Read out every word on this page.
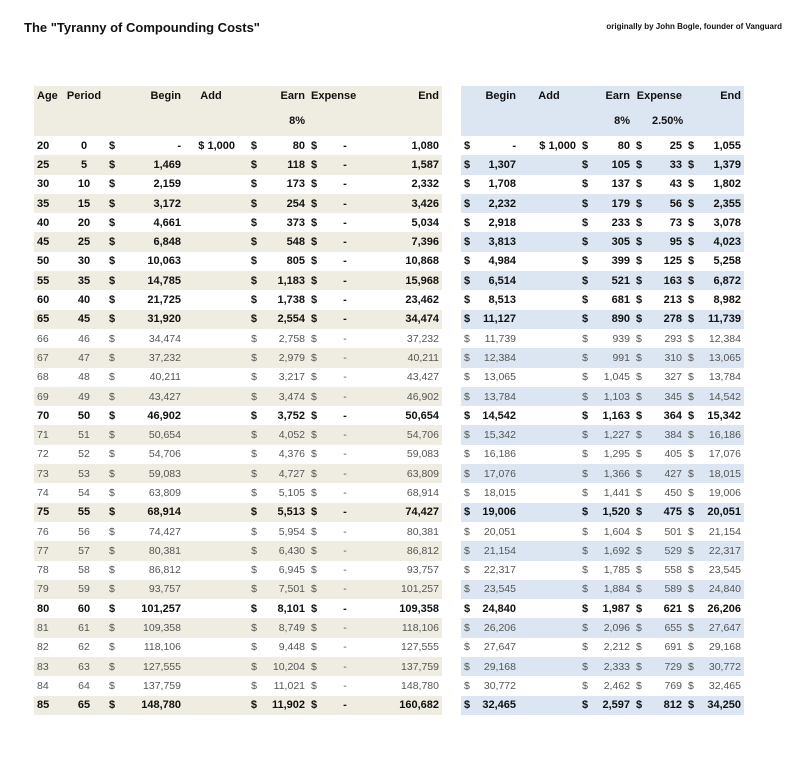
The "Tyranny of Compounding Costs"	originally by John Bogle, founder of Vanguard
Age	Period		Begin	Add		Earn	Expense		End
						8%			
20	0	$	-	$ 1,000	$	80	$	-	1,080
25	5	$	1,469		$	118	$	-	1,587
30	10	$	2,159		$	173	$	-	2,332
35	15	$	3,172		$	254	$	-	3,426
40	20	$	4,661		$	373	$	-	5,034
45	25	$	6,848		$	548	$	-	7,396
50	30	$	10,063		$	805	$	-	10,868
55	35	$	14,785		$	1,183	$	-	15,968
60	40	$	21,725		$	1,738	$	-	23,462
65	45	$	31,920		$	2,554	$	-	34,474
66	46	$	34,474		$	2,758	$	-	37,232
67	47	$	37,232		$	2,979	$	-	40,211
68	48	$	40,211		$	3,217	$	-	43,427
69	49	$	43,427		$	3,474	$	-	46,902
70	50	$	46,902		$	3,752	$	-	50,654
71	51	$	50,654		$	4,052	$	-	54,706
72	52	$	54,706		$	4,376	$	-	59,083
73	53	$	59,083		$	4,727	$	-	63,809
74	54	$	63,809		$	5,105	$	-	68,914
75	55	$	68,914		$	5,513	$	-	74,427
76	56	$	74,427		$	5,954	$	-	80,381
77	57	$	80,381		$	6,430	$	-	86,812
78	58	$	86,812		$	6,945	$	-	93,757
79	59	$	93,757		$	7,501	$	-	101,257
80	60	$	101,257		$	8,101	$	-	109,358
81	61	$	109,358		$	8,749	$	-	118,106
82	62	$	118,106		$	9,448	$	-	127,555
83	63	$	127,555		$	10,204	$	-	137,759
84	64	$	137,759		$	11,021	$	-	148,780
85	65	$	148,780		$	11,902	$	-	160,682
	Begin	Add		Earn	Expense			End
				8%		2.50%		
$	-	$ 1,000	$	80	$	25	$	1,055
$	1,307		$	105	$	33	$	1,379
$	1,708		$	137	$	43	$	1,802
$	2,232		$	179	$	56	$	2,355
$	2,918		$	233	$	73	$	3,078
$	3,813		$	305	$	95	$	4,023
$	4,984		$	399	$	125	$	5,258
$	6,514		$	521	$	163	$	6,872
$	8,513		$	681	$	213	$	8,982
$	11,127		$	890	$	278	$	11,739
$	11,739		$	939	$	293	$	12,384
$	12,384		$	991	$	310	$	13,065
$	13,065		$	1,045	$	327	$	13,784
$	13,784		$	1,103	$	345	$	14,542
$	14,542		$	1,163	$	364	$	15,342
$	15,342		$	1,227	$	384	$	16,186
$	16,186		$	1,295	$	405	$	17,076
$	17,076		$	1,366	$	427	$	18,015
$	18,015		$	1,441	$	450	$	19,006
$	19,006		$	1,520	$	475	$	20,051
$	20,051		$	1,604	$	501	$	21,154
$	21,154		$	1,692	$	529	$	22,317
$	22,317		$	1,785	$	558	$	23,545
$	23,545		$	1,884	$	589	$	24,840
$	24,840		$	1,987	$	621	$	26,206
$	26,206		$	2,096	$	655	$	27,647
$	27,647		$	2,212	$	691	$	29,168
$	29,168		$	2,333	$	729	$	30,772
$	30,772		$	2,462	$	769	$	32,465
$	32,465		$	2,597	$	812	$	34,250
